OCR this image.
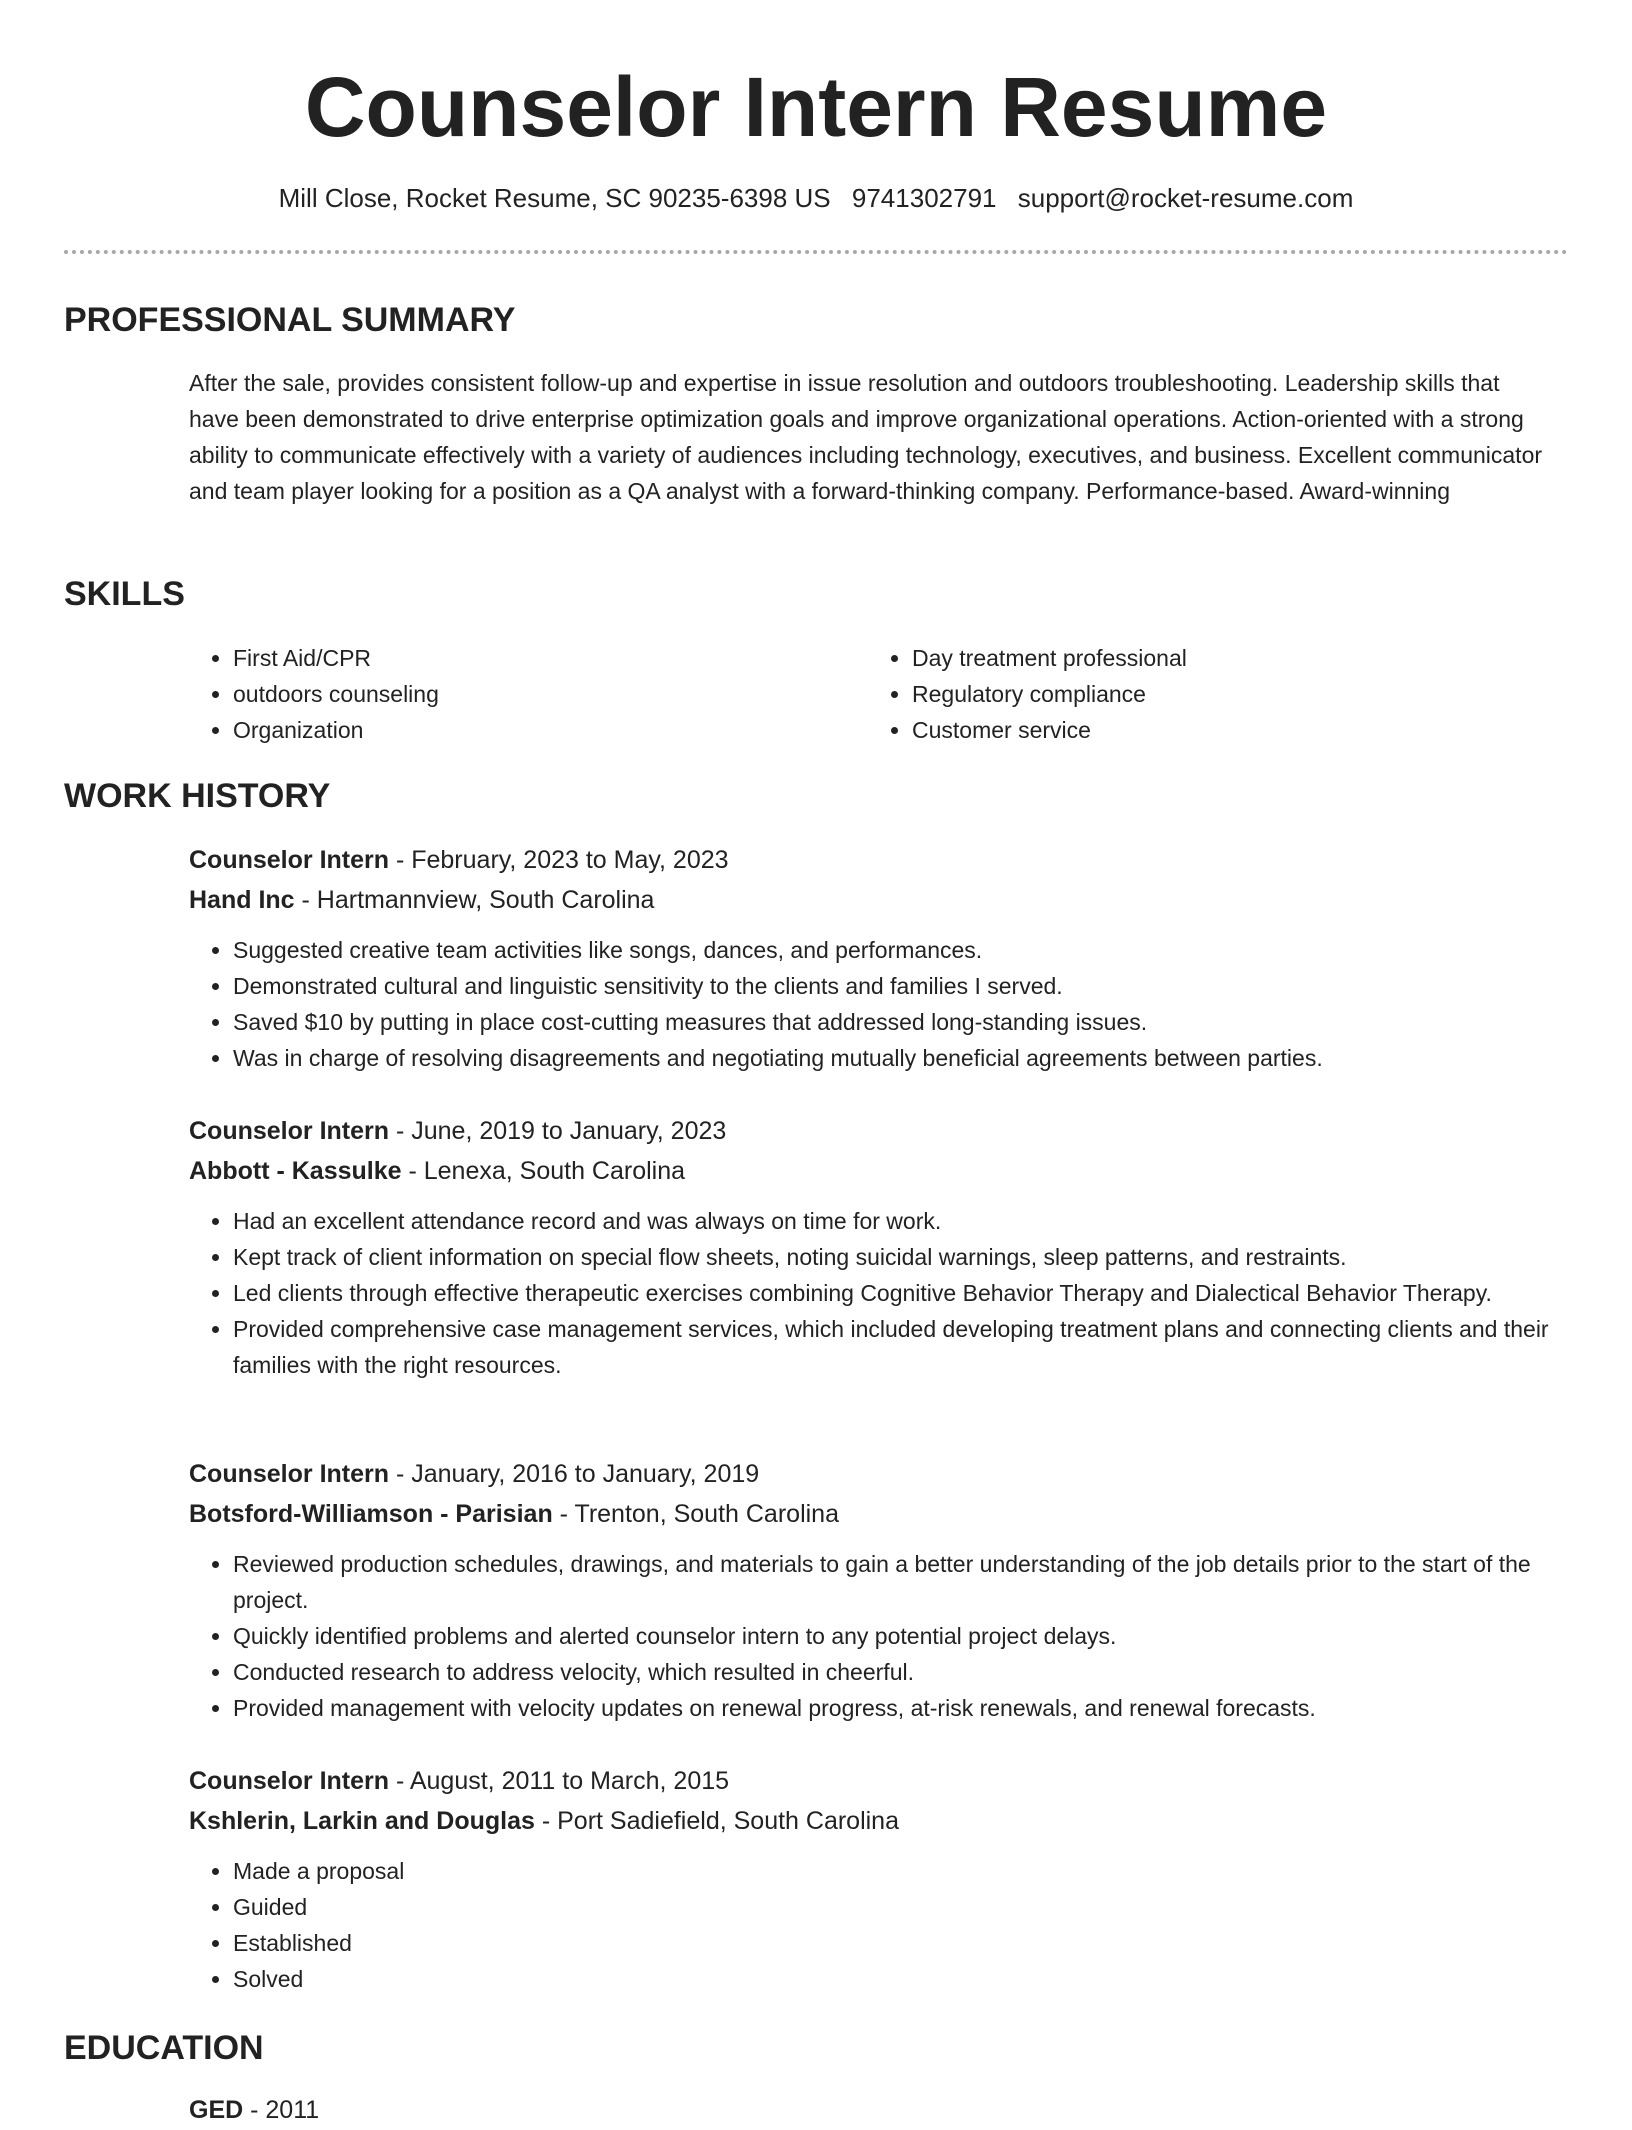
Counselor Intern Resume
Mill Close, Rocket Resume, SC 90235-6398 US 9741302791 support@rocket-resume.com
PROFESSIONAL SUMMARY

After the sale, provides consistent follow-up and expertise in issue resolution and outdoors troubleshooting. Leadership skills that have been demonstrated to drive enterprise optimization goals and improve organizational operations. Action-oriented with a strong ability to communicate effectively with a variety of audiences including technology, executives, and business. Excellent communicator and team player looking for a position as a QA analyst with a forward-thinking company. Performance-based. Award-winning

SKILLS
• First Aid/CPR
• outdoors counseling
• Organization
• Day treatment professional
• Regulatory compliance
• Customer service
WORK HISTORY
Counselor Intern - February, 2023 to May, 2023
Hand Inc - Hartmannview, South Carolina
• Suggested creative team activities like songs, dances, and performances.
• Demonstrated cultural and linguistic sensitivity to the clients and families I served.
• Saved $10 by putting in place cost-cutting measures that addressed long-standing issues.
• Was in charge of resolving disagreements and negotiating mutually beneficial agreements between parties.
Counselor Intern - June, 2019 to January, 2023
Abbott - Kassulke - Lenexa, South Carolina
• Had an excellent attendance record and was always on time for work.
• Kept track of client information on special flow sheets, noting suicidal warnings, sleep patterns, and restraints.
• Led clients through effective therapeutic exercises combining Cognitive Behavior Therapy and Dialectical Behavior Therapy.
• Provided comprehensive case management services, which included developing treatment plans and connecting clients and their families with the right resources.
Counselor Intern - January, 2016 to January, 2019
Botsford-Williamson - Parisian - Trenton, South Carolina
• Reviewed production schedules, drawings, and materials to gain a better understanding of the job details prior to the start of the project.
• Quickly identified problems and alerted counselor intern to any potential project delays.
• Conducted research to address velocity, which resulted in cheerful.
• Provided management with velocity updates on renewal progress, at-risk renewals, and renewal forecasts.
Counselor Intern - August, 2011 to March, 2015
Kshlerin, Larkin and Douglas - Port Sadiefield, South Carolina
• Made a proposal
• Guided
• Established
• Solved
EDUCATION
GED - 2011
